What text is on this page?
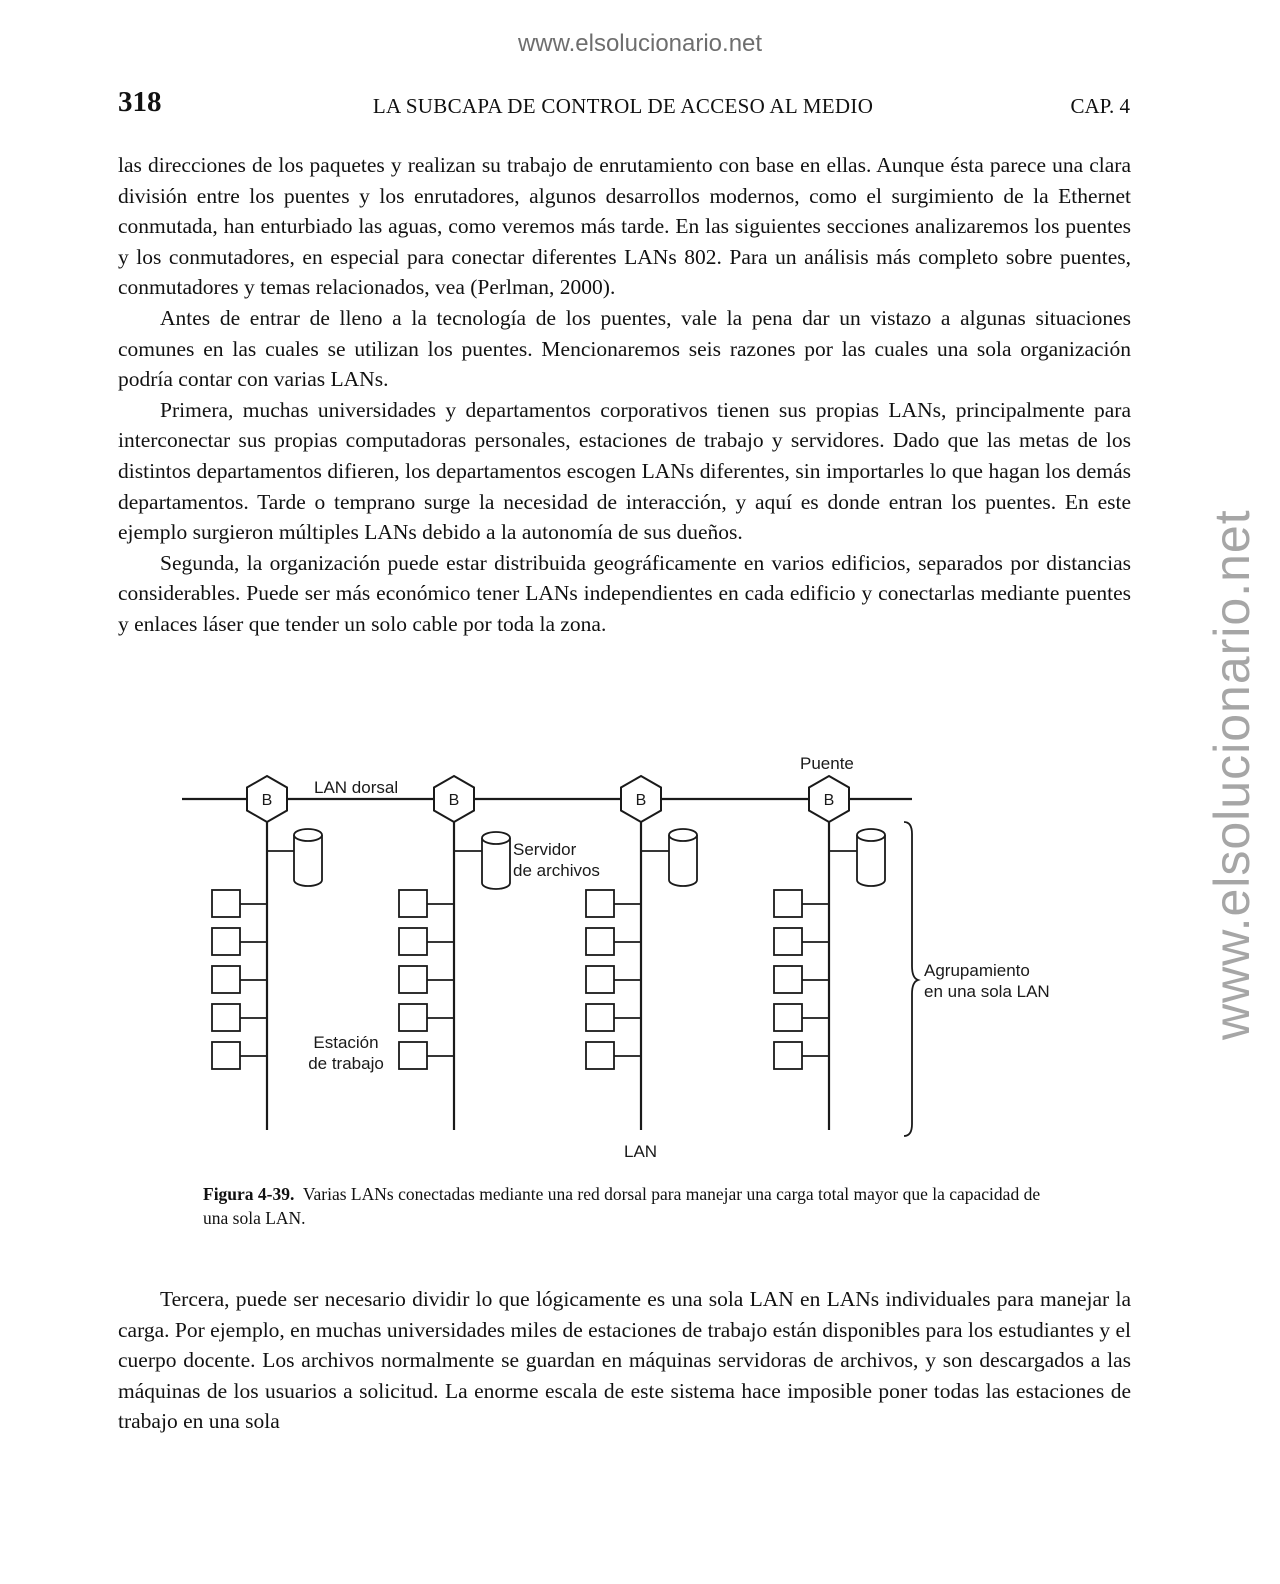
www.elsolucionario.net
www.elsolucionario.net
318	LA SUBCAPA DE CONTROL DE ACCESO AL MEDIO	CAP. 4

las direcciones de los paquetes y realizan su trabajo de enrutamiento con base en ellas. Aunque ésta parece una clara división entre los puentes y los enrutadores, algunos desarrollos modernos, como el surgimiento de la Ethernet conmutada, han enturbiado las aguas, como veremos más tarde. En las siguientes secciones analizaremos los puentes y los conmutadores, en especial para conectar diferentes LANs 802. Para un análisis más completo sobre puentes, conmutadores y temas relacionados, vea (Perlman, 2000).

Antes de entrar de lleno a la tecnología de los puentes, vale la pena dar un vistazo a algunas situaciones comunes en las cuales se utilizan los puentes. Mencionaremos seis razones por las cuales una sola organización podría contar con varias LANs.

Primera, muchas universidades y departamentos corporativos tienen sus propias LANs, principalmente para interconectar sus propias computadoras personales, estaciones de trabajo y servidores. Dado que las metas de los distintos departamentos difieren, los departamentos escogen LANs diferentes, sin importarles lo que hagan los demás departamentos. Tarde o temprano surge la necesidad de interacción, y aquí es donde entran los puentes. En este ejemplo surgieron múltiples LANs debido a la autonomía de sus dueños.

Segunda, la organización puede estar distribuida geográficamente en varios edificios, separados por distancias considerables. Puede ser más económico tener LANs independientes en cada edificio y conectarlas mediante puentes y enlaces láser que tender un solo cable por toda la zona.

B	B	B	B
LAN dorsal
Puente
Servidor
de archivos
Estación
de trabajo
Agrupamiento
en una sola LAN
LAN
Figura 4-39. Varias LANs conectadas mediante una red dorsal para manejar una carga total mayor que la capacidad de una sola LAN.

Tercera, puede ser necesario dividir lo que lógicamente es una sola LAN en LANs individuales para manejar la carga. Por ejemplo, en muchas universidades miles de estaciones de trabajo están disponibles para los estudiantes y el cuerpo docente. Los archivos normalmente se guardan en máquinas servidoras de archivos, y son descargados a las máquinas de los usuarios a solicitud. La enorme escala de este sistema hace imposible poner todas las estaciones de trabajo en una sola
